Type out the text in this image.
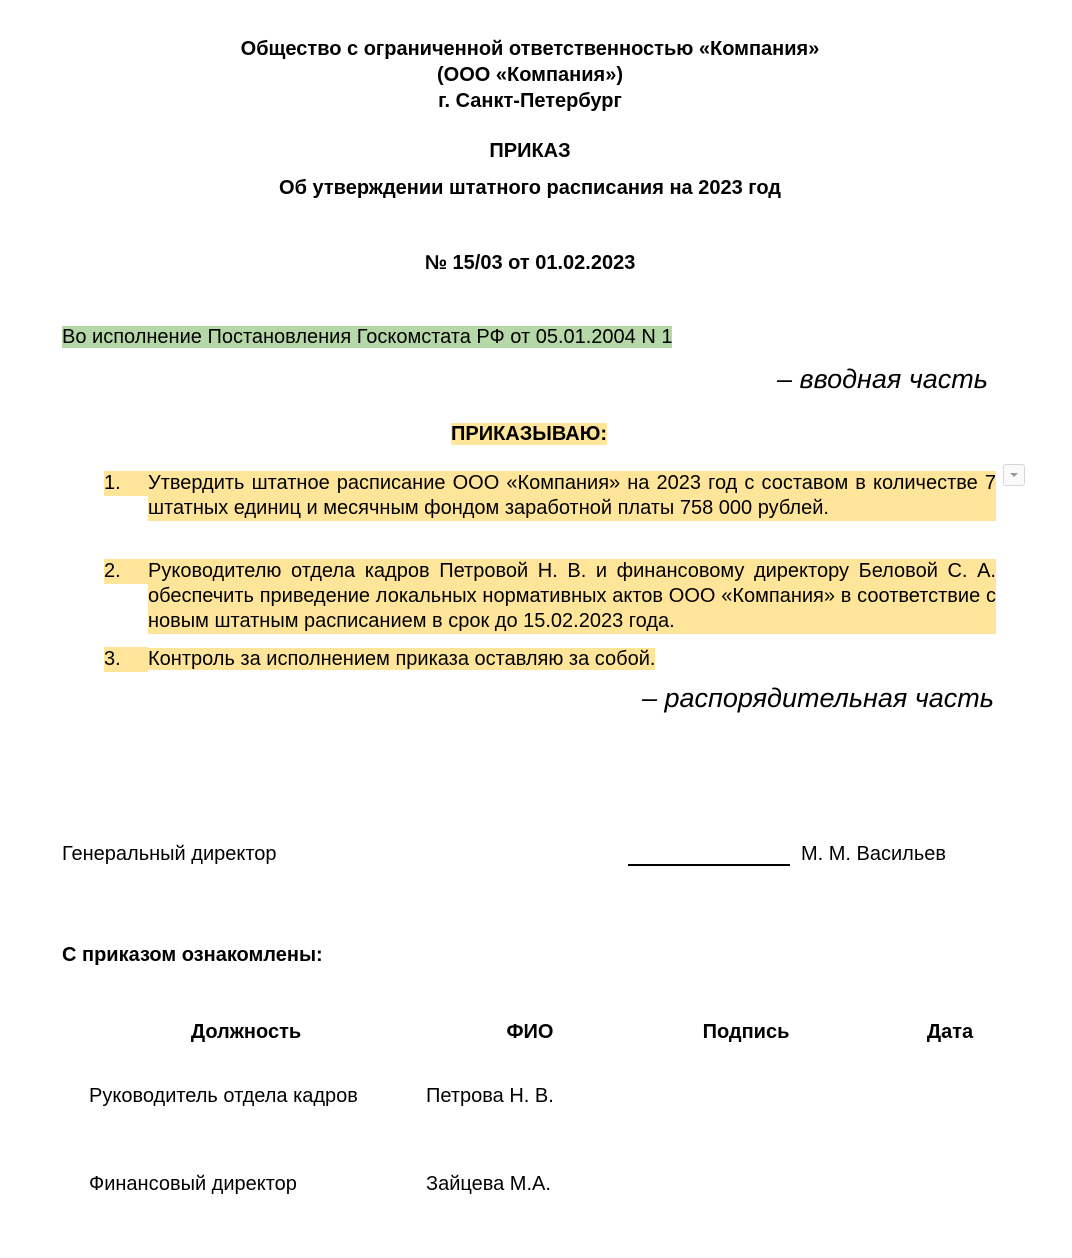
Общество с ограниченной ответственностью «Компания»
(ООО «Компания»)
г. Санкт-Петербург
ПРИКАЗ
Об утверждении штатного расписания на 2023 год
№ 15/03 от 01.02.2023
Во исполнение Постановления Госкомстата РФ от 05.01.2004 N 1
– вводная часть
ПРИКАЗЫВАЮ:
1.	Утвердить штатное расписание ООО «Компания» на 2023 год с составом в количестве 7 штатных единиц и месячным фондом заработной платы 758 000 рублей.
2.	Руководителю отдела кадров Петровой Н. В. и финансовому директору Беловой С. А. обеспечить приведение локальных нормативных актов ООО «Компания» в соответствие с новым штатным расписанием в срок до 15.02.2023 года.
3.	Контроль за исполнением приказа оставляю за собой.
– распорядительная часть
Генеральный директор	М. М. Васильев
С приказом ознакомлены:
Должность	ФИО	Подпись	Дата
Руководитель отдела кадров	Петрова Н. В.
Финансовый директор	Зайцева М.А.
